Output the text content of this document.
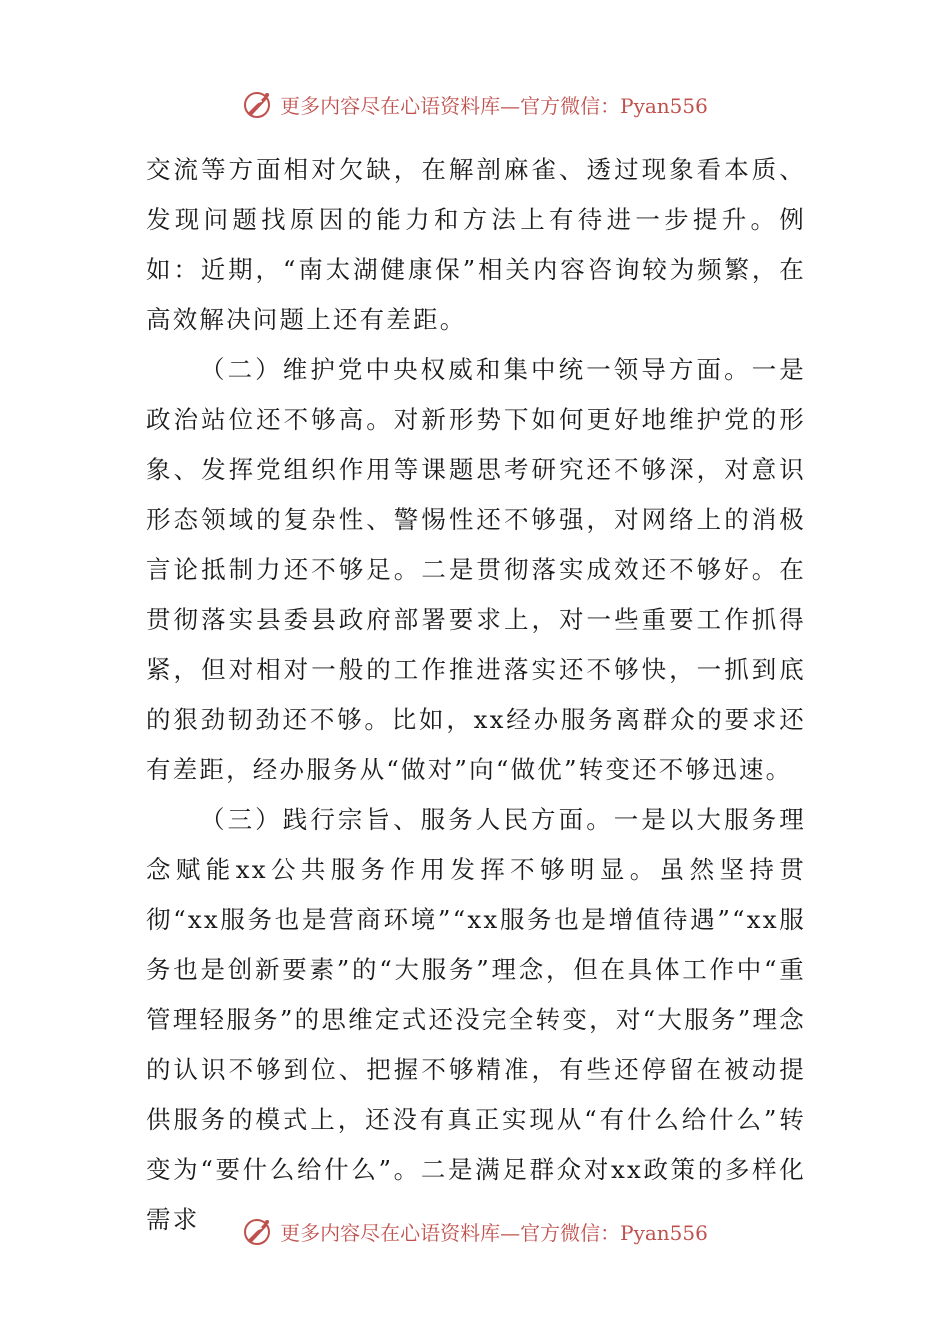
更多内容尽在心语资料库—官方微信：Pyan556

交流等方面相对欠缺，在解剖麻雀、透过现象看本质、发现问题找原因的能力和方法上有待进一步提升。例如：近期，“南太湖健康保”相关内容咨询较为频繁，在高效解决问题上还有差距。

（二）维护党中央权威和集中统一领导方面。一是政治站位还不够高。对新形势下如何更好地维护党的形象、发挥党组织作用等课题思考研究还不够深，对意识形态领域的复杂性、警惕性还不够强，对网络上的消极言论抵制力还不够足。二是贯彻落实成效还不够好。在贯彻落实县委县政府部署要求上，对一些重要工作抓得紧，但对相对一般的工作推进落实还不够快，一抓到底的狠劲韧劲还不够。比如，xx经办服务离群众的要求还有差距，经办服务从“做对”向“做优”转变还不够迅速。

（三）践行宗旨、服务人民方面。一是以大服务理念赋能xx公共服务作用发挥不够明显。虽然坚持贯彻“xx服务也是营商环境”“xx服务也是增值待遇”“xx服务也是创新要素”的“大服务”理念，但在具体工作中“重管理轻服务”的思维定式还没完全转变，对“大服务”理念的认识不够到位、把握不够精准，有些还停留在被动提供服务的模式上，还没有真正实现从“有什么给什么”转变为“要什么给什么”。二是满足群众对xx政策的多样化需求	更多内容尽在心语资料库—官方微信：Pyan556
